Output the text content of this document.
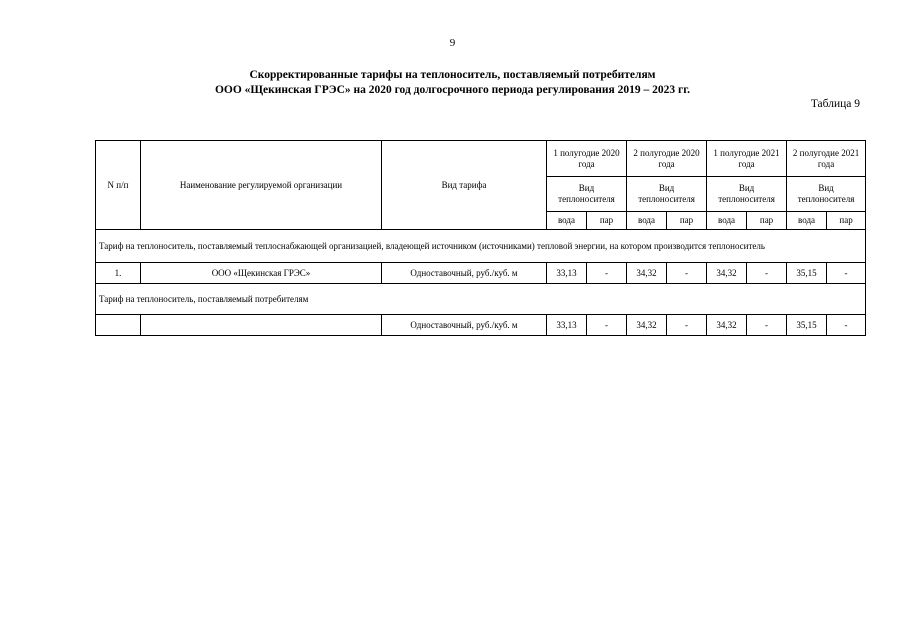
9
Скорректированные тарифы на теплоноситель, поставляемый потребителям
ООО «Щекинская ГРЭС» на 2020 год долгосрочного периода регулирования 2019 – 2023 гг.
Таблица 9
N п/п	Наименование регулируемой организации	Вид тарифа	1 полугодие 2020 года		2 полугодие 2020 года		1 полугодие 2021 года		2 полугодие 2021 года	
			Вид теплоносителя		Вид теплоносителя		Вид теплоносителя		Вид теплоносителя	
			вода	пар	вода	пар	вода	пар	вода	пар
Тариф на теплоноситель, поставляемый теплоснабжающей организацией, владеющей источником (источниками) тепловой энергии, на котором производится теплоноситель										
1.	ООО «Щекинская ГРЭС»	Одноставочный, руб./куб. м	33,13	-	34,32	-	34,32	-	35,15	-
Тариф на теплоноситель, поставляемый потребителям										
		Одноставочный, руб./куб. м	33,13	-	34,32	-	34,32	-	35,15	-
